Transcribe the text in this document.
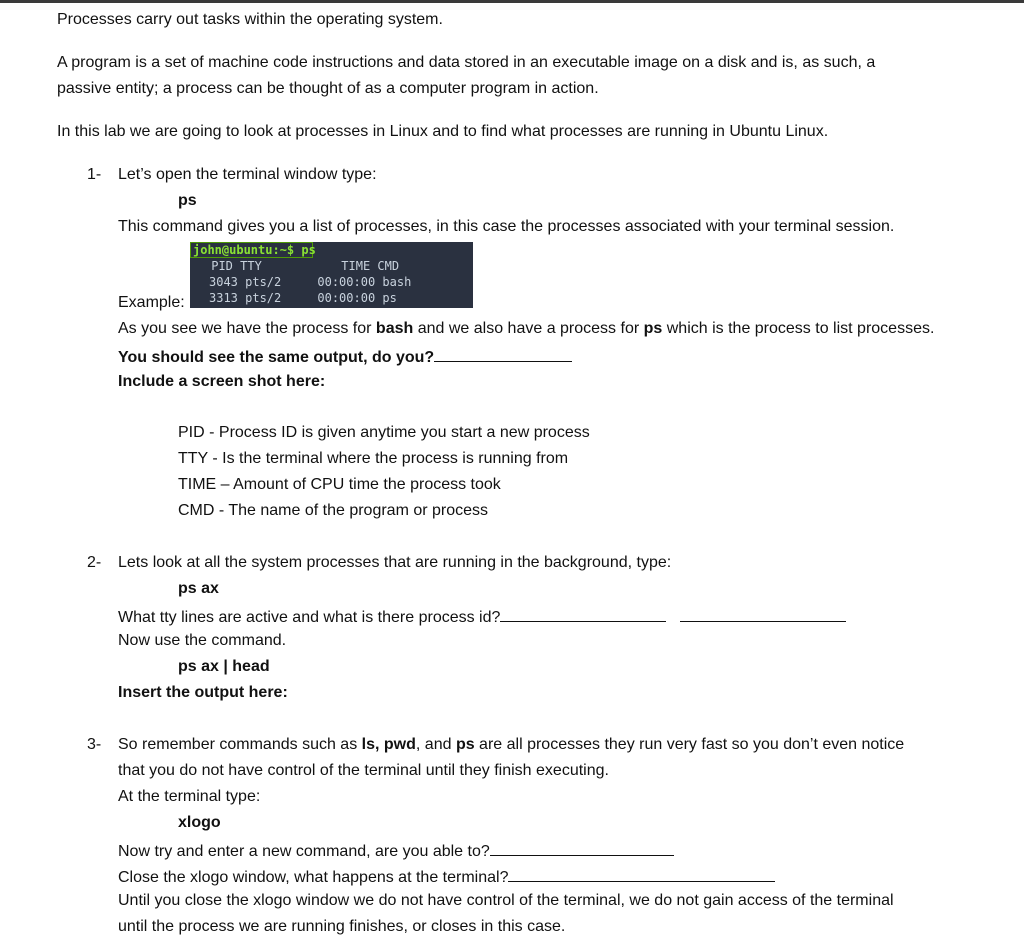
Processes carry out tasks within the operating system.
A program is a set of machine code instructions and data stored in an executable image on a disk and is, as such, a
passive entity; a process can be thought of as a computer program in action.
In this lab we are going to look at processes in Linux and to find what processes are running in Ubuntu Linux.
1- Let’s open the terminal window type:
ps
This command gives you a list of processes, in this case the processes associated with your terminal session.
john@ubuntu:~$ ps
PID TTY           TIME CMD
3043 pts/2     00:00:00 bash
3313 pts/2     00:00:00 ps
Example:
As you see we have the process for bash and we also have a process for ps which is the process to list processes.
You should see the same output, do you?
Include a screen shot here:
PID - Process ID is given anytime you start a new process
TTY - Is the terminal where the process is running from
TIME – Amount of CPU time the process took
CMD - The name of the program or process
2- Lets look at all the system processes that are running in the background, type:
ps ax
What tty lines are active and what is there process id?
Now use the command.
ps ax | head
Insert the output here:
3- So remember commands such as ls, pwd, and ps are all processes they run very fast so you don’t even notice
that you do not have control of the terminal until they finish executing.
At the terminal type:
xlogo
Now try and enter a new command, are you able to?
Close the xlogo window, what happens at the terminal?
Until you close the xlogo window we do not have control of the terminal, we do not gain access of the terminal
until the process we are running finishes, or closes in this case.
